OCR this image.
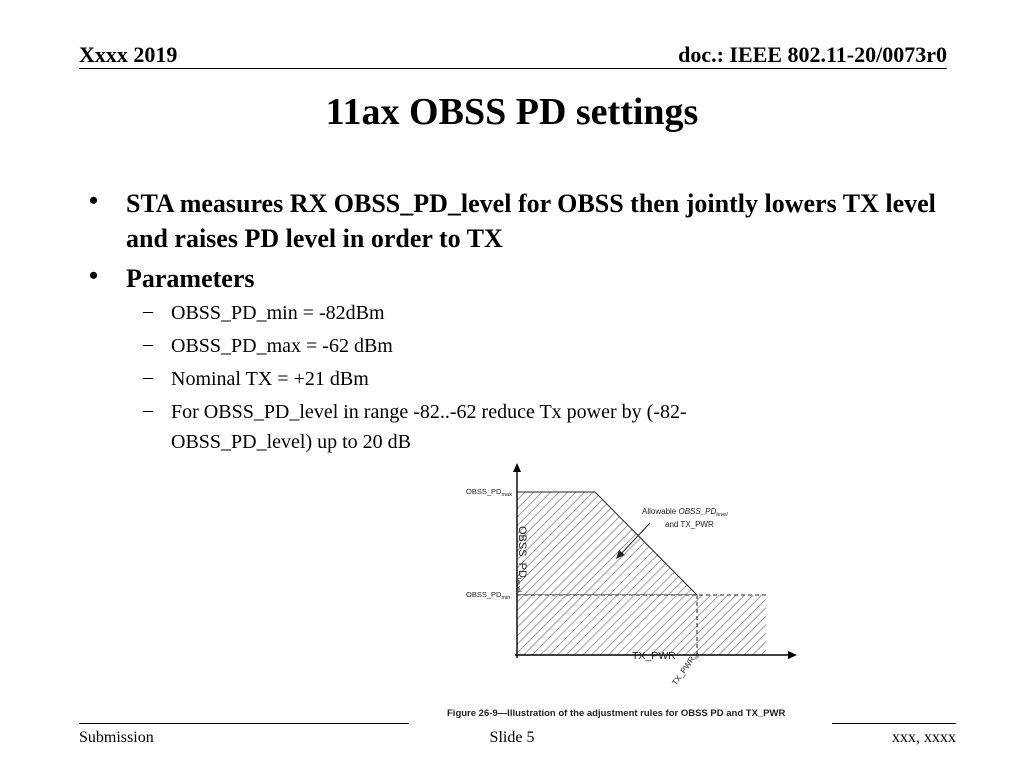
Xxxx 2019	doc.: IEEE 802.11-20/0073r0
11ax OBSS PD settings
• STA measures RX OBSS_PD_level for OBSS then jointly lowers TX level and raises PD level in order to TX
• Parameters
– OBSS_PD_min = -82dBm
– OBSS_PD_max = -62 dBm
– Nominal TX = +21 dBm
– For OBSS_PD_level in range -82..-62 reduce Tx power by (-82-
OBSS_PD_level) up to 20 dB
$OBSS\_PD_{max}$
$OBSS\_PD_{min}$
$OBSS\_PD_{level}$
TX_PWR
$TX\_PWR_{ref}$
Allowable $OBSS\_PD_{level}$
and TX_PWR
Figure 26-9—Illustration of the adjustment rules for OBSS PD and TX_PWR
Submission	Slide 5	xxx, xxxx
